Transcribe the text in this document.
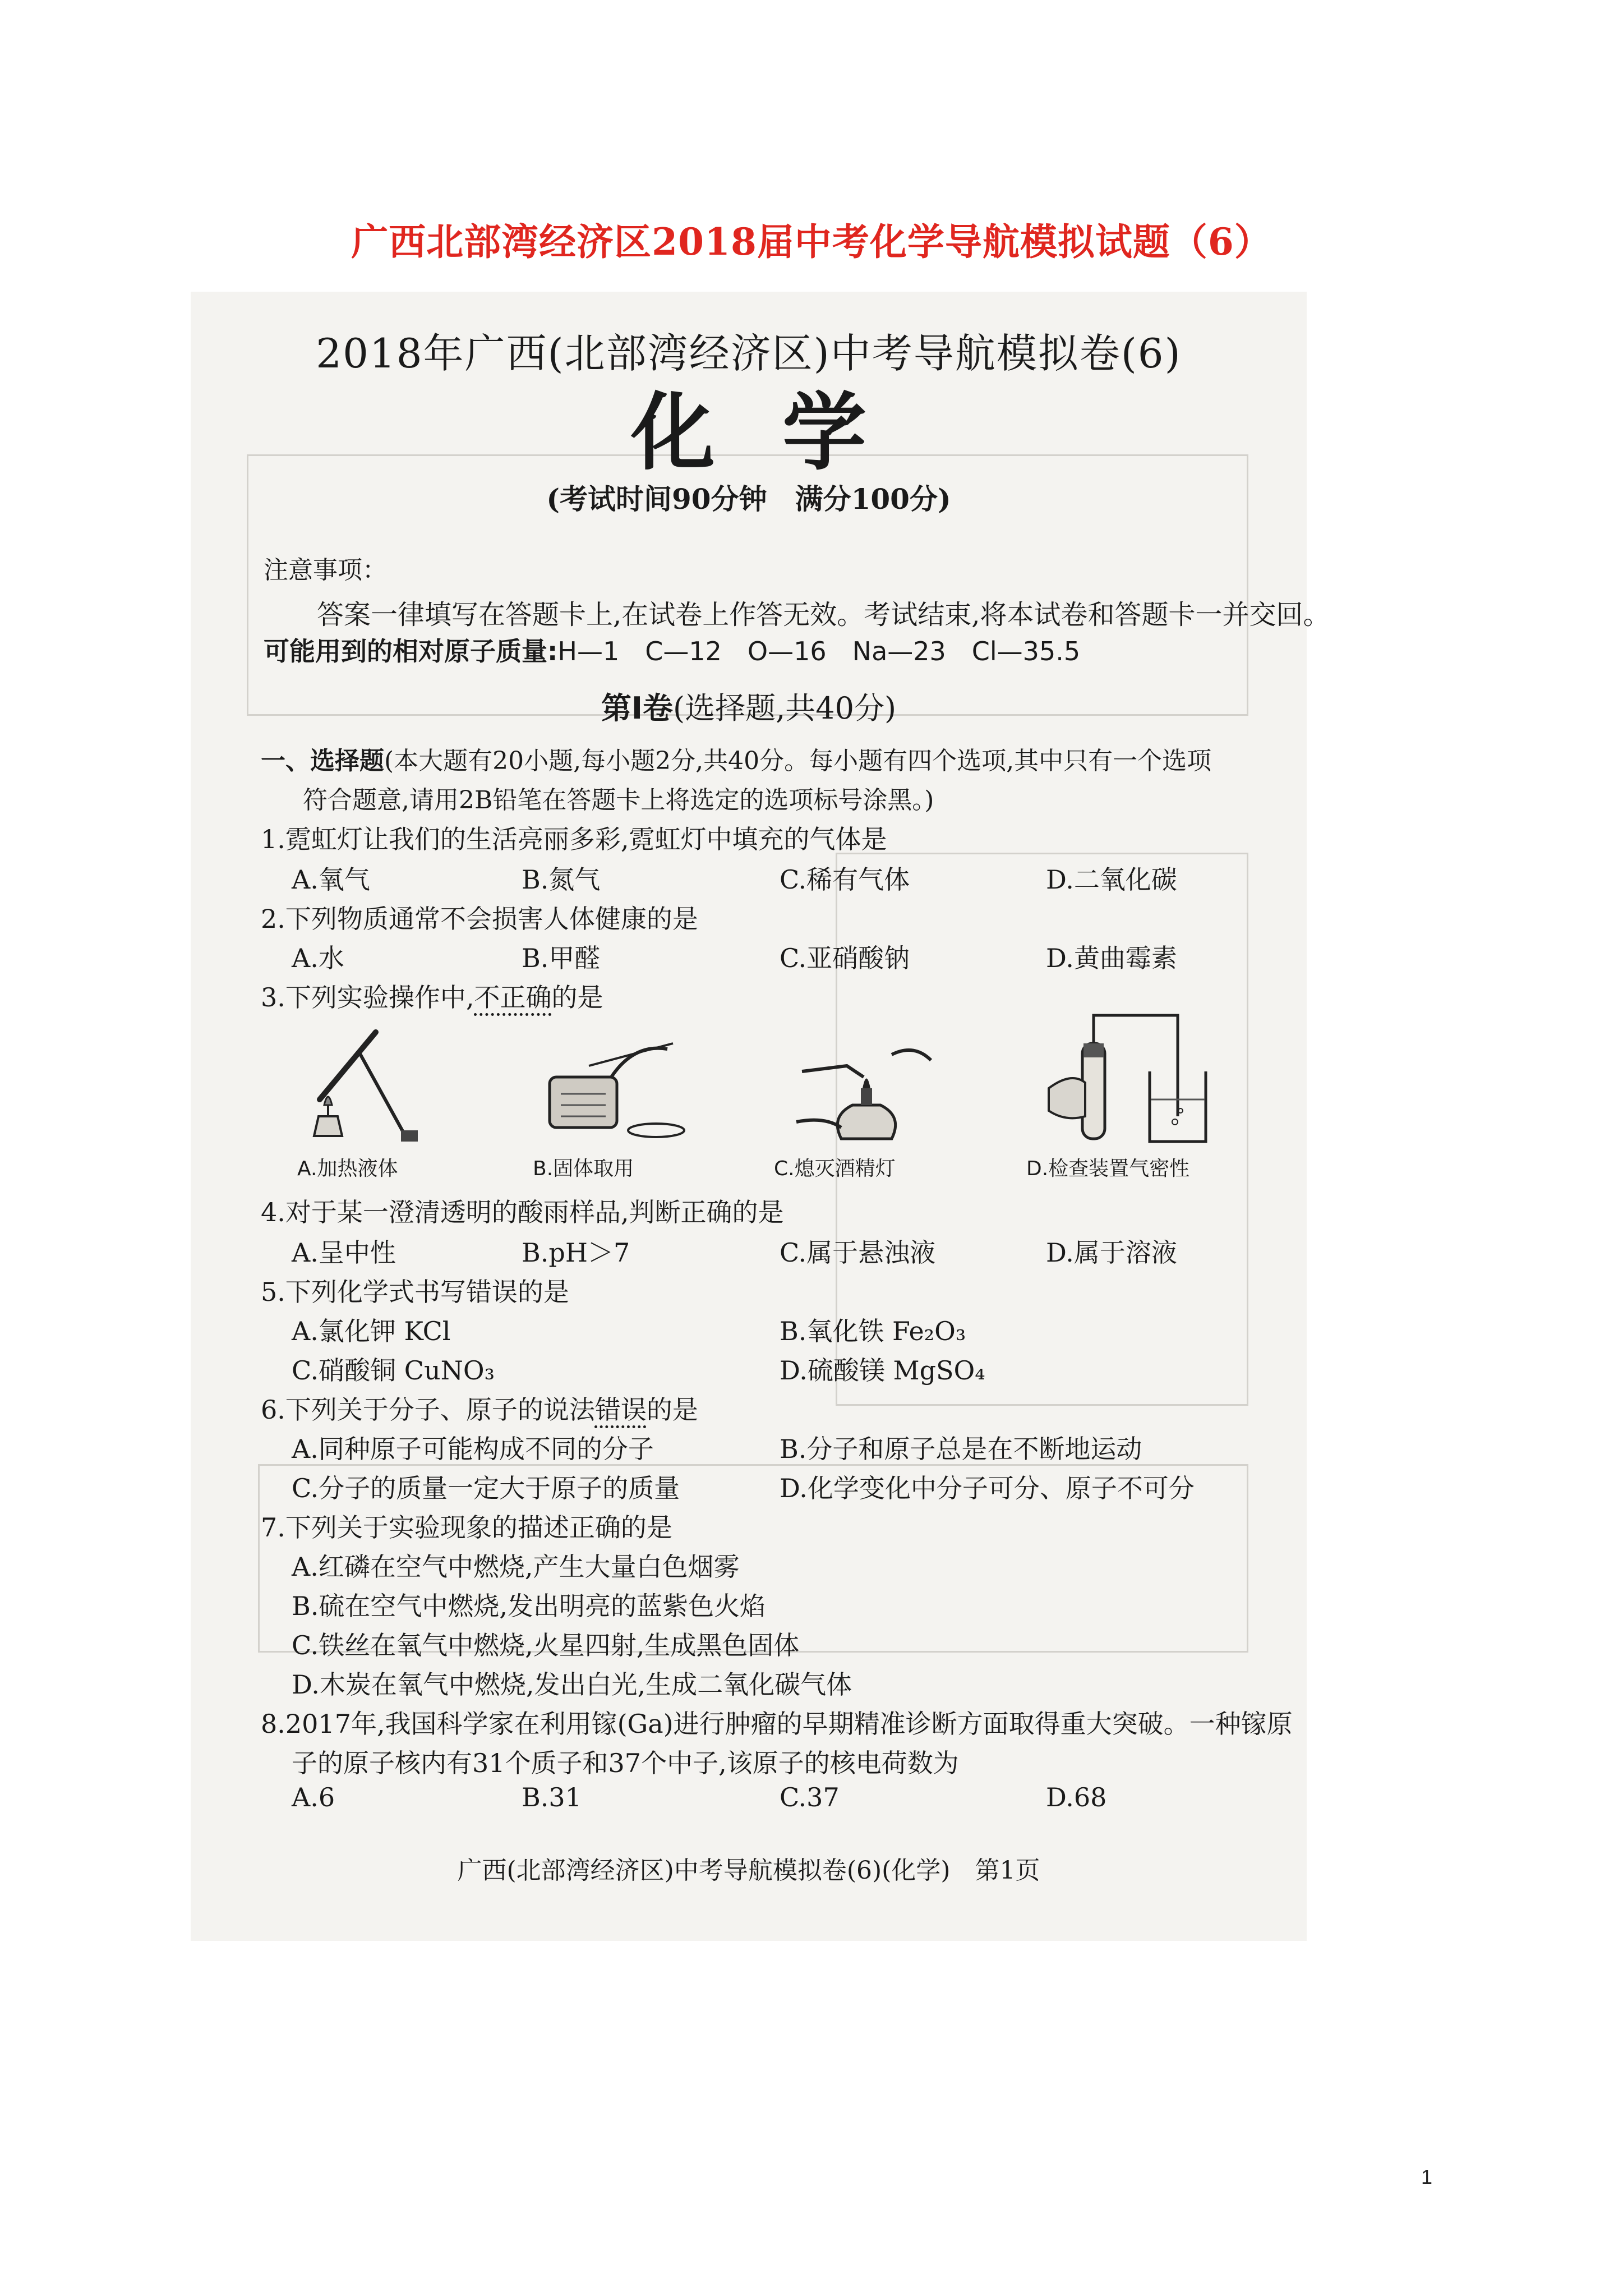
广西北部湾经济区2018届中考化学导航模拟试题（6）
2018年广西(北部湾经济区)中考导航模拟卷(6)
化学
(考试时间90分钟　满分100分)
注意事项：
答案一律填写在答题卡上,在试卷上作答无效。考试结束,将本试卷和答题卡一并交回。
可能用到的相对原子质量:H—1　C—12　O—16　Na—23　Cl—35.5
第Ⅰ卷(选择题,共40分)
一、选择题(本大题有20小题,每小题2分,共40分。每小题有四个选项,其中只有一个选项
符合题意,请用2B铅笔在答题卡上将选定的选项标号涂黑。)
1.霓虹灯让我们的生活亮丽多彩,霓虹灯中填充的气体是
A.氧气	B.氮气	C.稀有气体	D.二氧化碳
2.下列物质通常不会损害人体健康的是
A.水	B.甲醛	C.亚硝酸钠	D.黄曲霉素
3.下列实验操作中,不正确的是
A.加热液体	B.固体取用	C.熄灭酒精灯	D.检查装置气密性
4.对于某一澄清透明的酸雨样品,判断正确的是
A.呈中性	B.pH＞7	C.属于悬浊液	D.属于溶液
5.下列化学式书写错误的是
A.氯化钾 KCl	B.氧化铁 Fe₂O₃
C.硝酸铜 CuNO₃	D.硫酸镁 MgSO₄
6.下列关于分子、原子的说法错误的是
A.同种原子可能构成不同的分子	B.分子和原子总是在不断地运动
C.分子的质量一定大于原子的质量	D.化学变化中分子可分、原子不可分
7.下列关于实验现象的描述正确的是
A.红磷在空气中燃烧,产生大量白色烟雾
B.硫在空气中燃烧,发出明亮的蓝紫色火焰
C.铁丝在氧气中燃烧,火星四射,生成黑色固体
D.木炭在氧气中燃烧,发出白光,生成二氧化碳气体
8.2017年,我国科学家在利用镓(Ga)进行肿瘤的早期精准诊断方面取得重大突破。一种镓原
子的原子核内有31个质子和37个中子,该原子的核电荷数为
A.6	B.31	C.37	D.68
广西(北部湾经济区)中考导航模拟卷(6)(化学)　第1页
1
